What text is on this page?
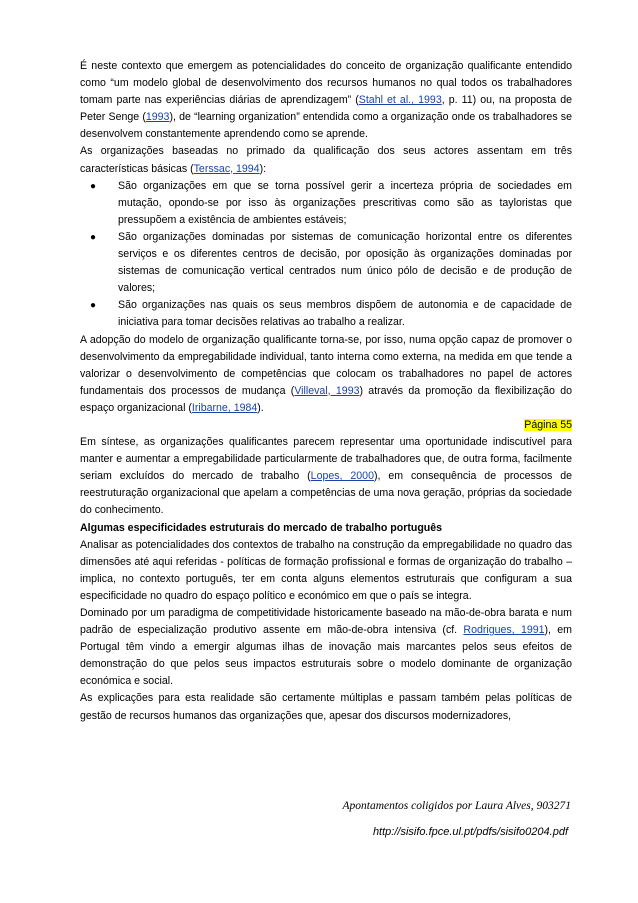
É neste contexto que emergem as potencialidades do conceito de organização qualificante entendido como “um modelo global de desenvolvimento dos recursos humanos no qual todos os trabalhadores tomam parte nas experiências diárias de aprendizagem” (Stahl et al., 1993, p. 11) ou, na proposta de Peter Senge (1993), de “learning organization” entendida como a organização onde os trabalhadores se desenvolvem constantemente aprendendo como se aprende.

As organizações baseadas no primado da qualificação dos seus actores assentam em três características básicas (Terssac, 1994):

● São organizações em que se torna possível gerir a incerteza própria de sociedades em mutação, opondo-se por isso às organizações prescritivas como são as tayloristas que pressupõem a existência de ambientes estáveis;
● São organizações dominadas por sistemas de comunicação horizontal entre os diferentes serviços e os diferentes centros de decisão, por oposição às organizações dominadas por sistemas de comunicação vertical centrados num único pólo de decisão e de produção de valores;
● São organizações nas quais os seus membros dispõem de autonomia e de capacidade de iniciativa para tomar decisões relativas ao trabalho a realizar.

A adopção do modelo de organização qualificante torna-se, por isso, numa opção capaz de promover o desenvolvimento da empregabilidade individual, tanto interna como externa, na medida em que tende a valorizar o desenvolvimento de competências que colocam os trabalhadores no papel de actores fundamentais dos processos de mudança (Villeval, 1993) através da promoção da flexibilização do espaço organizacional (Iribarne, 1984).

Página 55

Em síntese, as organizações qualificantes parecem representar uma oportunidade indiscutível para manter e aumentar a empregabilidade particularmente de trabalhadores que, de outra forma, facilmente seriam excluídos do mercado de trabalho (Lopes, 2000), em consequência de processos de reestruturação organizacional que apelam a competências de uma nova geração, próprias da sociedade do conhecimento.

Algumas especificidades estruturais do mercado de trabalho português

Analisar as potencialidades dos contextos de trabalho na construção da empregabilidade no quadro das dimensões até aqui referidas - políticas de formação profissional e formas de organização do trabalho – implica, no contexto português, ter em conta alguns elementos estruturais que configuram a sua especificidade no quadro do espaço político e económico em que o país se integra.

Dominado por um paradigma de competitividade historicamente baseado na mão-de-obra barata e num padrão de especialização produtivo assente em mão-de-obra intensiva (cf. Rodrigues, 1991), em Portugal têm vindo a emergir algumas ilhas de inovação mais marcantes pelos seus efeitos de demonstração do que pelos seus impactos estruturais sobre o modelo dominante de organização económica e social.

As explicações para esta realidade são certamente múltiplas e passam também pelas políticas de gestão de recursos humanos das organizações que, apesar dos discursos modernizadores,

Apontamentos coligidos por Laura Alves, 903271
http://sisifo.fpce.ul.pt/pdfs/sisifo0204.pdf
